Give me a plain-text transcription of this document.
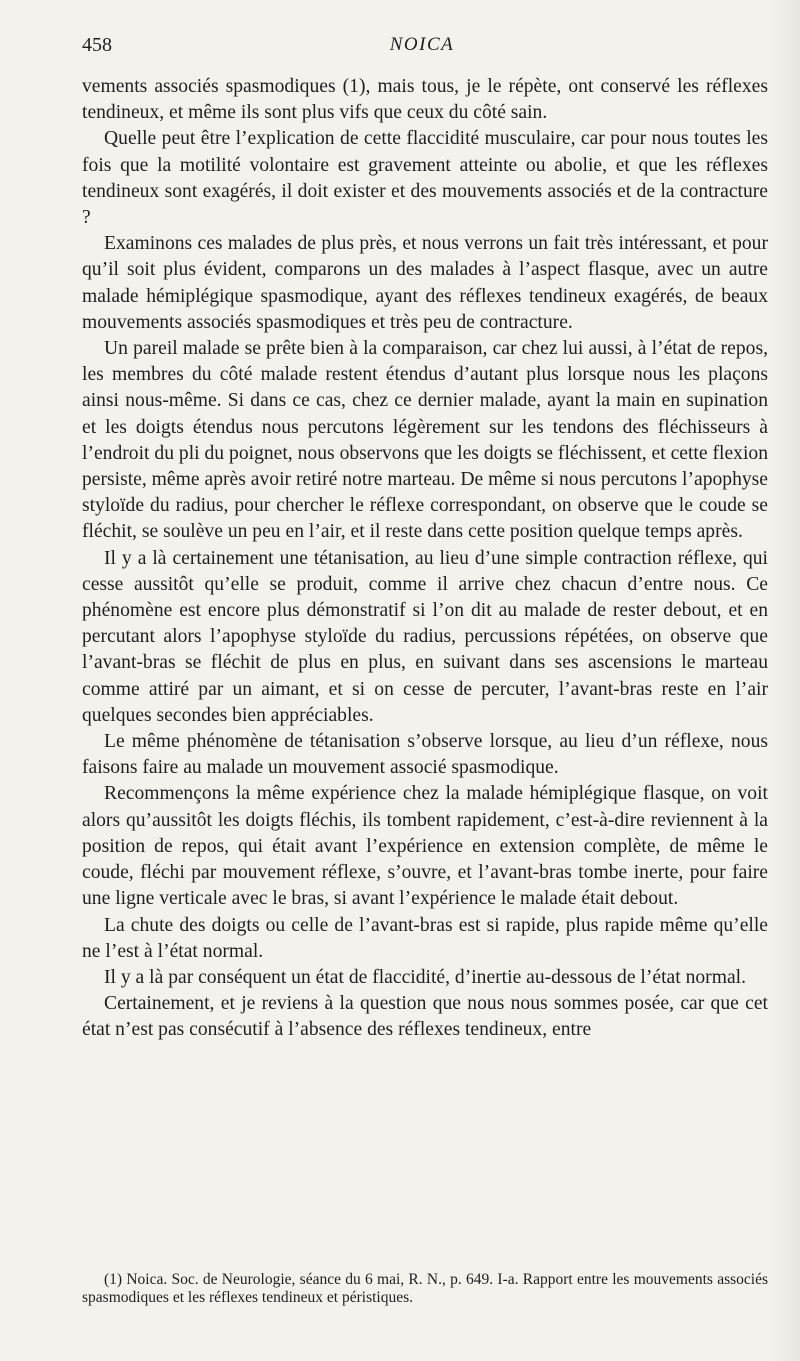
458	NOICA

vements associés spasmodiques (1), mais tous, je le répète, ont conservé les réflexes tendineux, et même ils sont plus vifs que ceux du côté sain.

Quelle peut être l’explication de cette flaccidité musculaire, car pour nous toutes les fois que la motilité volontaire est gravement atteinte ou abolie, et que les réflexes tendineux sont exagérés, il doit exister et des mouvements associés et de la contracture ?

Examinons ces malades de plus près, et nous verrons un fait très intéressant, et pour qu’il soit plus évident, comparons un des malades à l’aspect flasque, avec un autre malade hémiplégique spasmodique, ayant des réflexes tendineux exagérés, de beaux mouvements associés spasmodiques et très peu de contracture.

Un pareil malade se prête bien à la comparaison, car chez lui aussi, à l’état de repos, les membres du côté malade restent étendus d’autant plus lorsque nous les plaçons ainsi nous-même. Si dans ce cas, chez ce dernier malade, ayant la main en supination et les doigts étendus nous percutons légèrement sur les tendons des fléchisseurs à l’endroit du pli du poignet, nous observons que les doigts se fléchissent, et cette flexion persiste, même après avoir retiré notre marteau. De même si nous percutons l’apophyse styloïde du radius, pour chercher le réflexe correspondant, on observe que le coude se fléchit, se soulève un peu en l’air, et il reste dans cette position quelque temps après.

Il y a là certainement une tétanisation, au lieu d’une simple contraction réflexe, qui cesse aussitôt qu’elle se produit, comme il arrive chez chacun d’entre nous. Ce phénomène est encore plus démonstratif si l’on dit au malade de rester debout, et en percutant alors l’apophyse styloïde du radius, percussions répétées, on observe que l’avant-bras se fléchit de plus en plus, en suivant dans ses ascensions le marteau comme attiré par un aimant, et si on cesse de percuter, l’avant-bras reste en l’air quelques secondes bien appréciables.

Le même phénomène de tétanisation s’observe lorsque, au lieu d’un réflexe, nous faisons faire au malade un mouvement associé spasmodique.

Recommençons la même expérience chez la malade hémiplégique flasque, on voit alors qu’aussitôt les doigts fléchis, ils tombent rapidement, c’est-à-dire reviennent à la position de repos, qui était avant l’expérience en extension complète, de même le coude, fléchi par mouvement réflexe, s’ouvre, et l’avant-bras tombe inerte, pour faire une ligne verticale avec le bras, si avant l’expérience le malade était debout.

La chute des doigts ou celle de l’avant-bras est si rapide, plus rapide même qu’elle ne l’est à l’état normal.

Il y a là par conséquent un état de flaccidité, d’inertie au-dessous de l’état normal.

Certainement, et je reviens à la question que nous nous sommes posée, car que cet état n’est pas consécutif à l’absence des réflexes tendineux, entre

(1) Noica. Soc. de Neurologie, séance du 6 mai, R. N., p. 649. I-a. Rapport entre les mouvements associés spasmodiques et les réflexes tendineux et péristiques.
